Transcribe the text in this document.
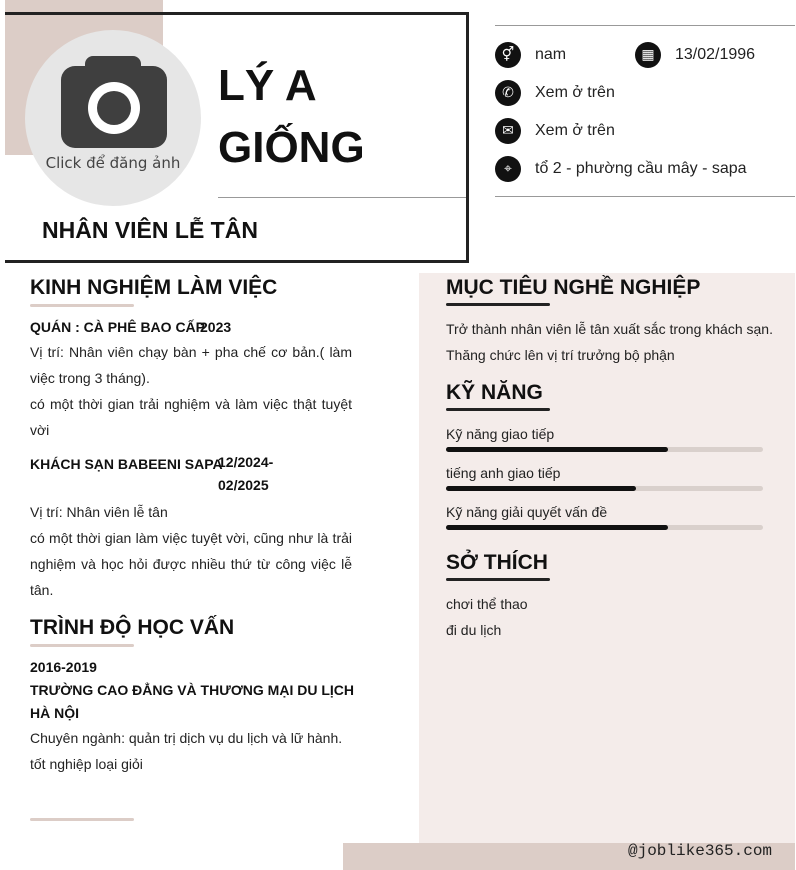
Click để đăng ảnh
LÝ A
GIỐNG
NHÂN VIÊN LỄ TÂN
⚥	nam	▦	13/02/1996
✆	Xem ở trên
✉	Xem ở trên
⌖	tổ 2 - phường cầu mây - sapa
@joblike365.com
KINH NGHIỆM LÀM VIỆC
QUÁN : CÀ PHÊ BAO CẤP
2023
Vị trí: Nhân viên chạy bàn + pha chế cơ bản.( làm việc trong 3 tháng).
có một thời gian trải nghiệm và làm việc thật tuyệt vời
KHÁCH SẠN BABEENI SAPA
12/2024-
02/2025
Vị trí: Nhân viên lễ tân
có một thời gian làm việc tuyệt vời, cũng như là trải nghiệm và học hỏi được nhiều thứ từ công việc lễ tân.
TRÌNH ĐỘ HỌC VẤN
2016-2019
TRƯỜNG CAO ĐẲNG VÀ THƯƠNG MẠI DU LỊCH HÀ NỘI
Chuyên ngành: quản trị dịch vụ du lịch và lữ hành.
tốt nghiệp loại giỏi
MỤC TIÊU NGHỀ NGHIỆP
Trở thành nhân viên lễ tân xuất sắc trong khách sạn.
Thăng chức lên vị trí trưởng bộ phận
KỸ NĂNG
Kỹ năng giao tiếp
tiếng anh giao tiếp
Kỹ năng giải quyết vấn đề
SỞ THÍCH
chơi thể thao
đi du lịch
